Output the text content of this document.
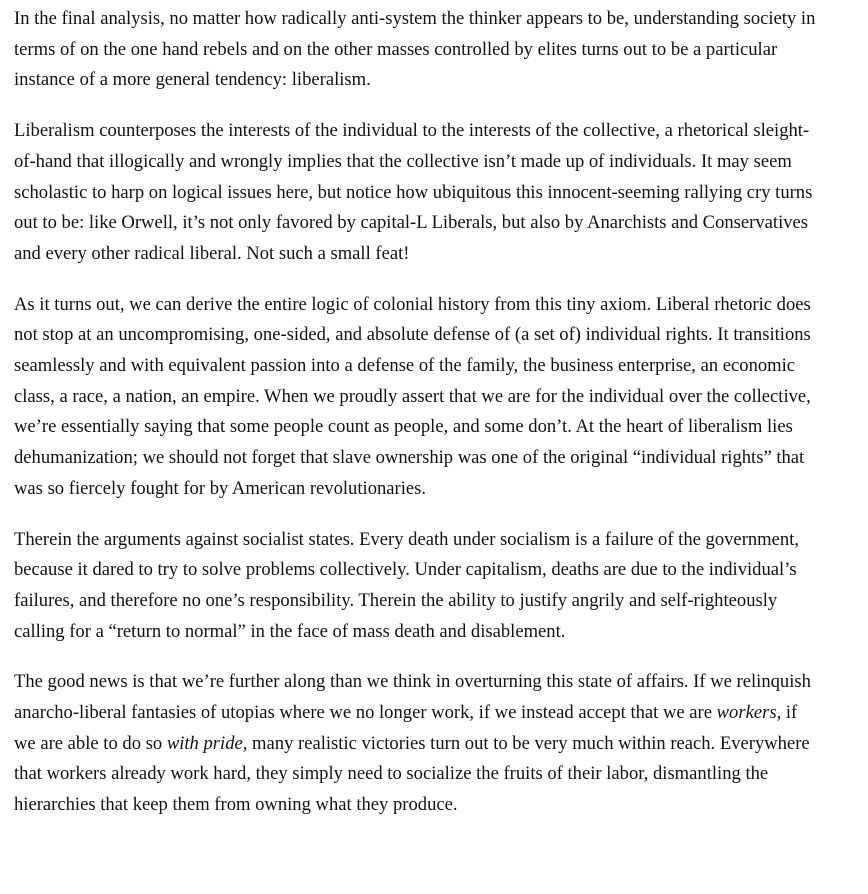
In the final analysis, no matter how radically anti-system the thinker appears to be, understanding society in terms of on the one hand rebels and on the other masses controlled by elites turns out to be a particular instance of a more general tendency: liberalism.

Liberalism counterposes the interests of the individual to the interests of the collective, a rhetorical sleight-of-hand that illogically and wrongly implies that the collective isn’t made up of individuals. It may seem scholastic to harp on logical issues here, but notice how ubiquitous this innocent-seeming rallying cry turns out to be: like Orwell, it’s not only favored by capital-L Liberals, but also by Anarchists and Conservatives and every other radical liberal. Not such a small feat!

As it turns out, we can derive the entire logic of colonial history from this tiny axiom. Liberal rhetoric does not stop at an uncompromising, one-sided, and absolute defense of (a set of) individual rights. It transitions seamlessly and with equivalent passion into a defense of the family, the business enterprise, an economic class, a race, a nation, an empire. When we proudly assert that we are for the individual over the collective, we’re essentially saying that some people count as people, and some don’t. At the heart of liberalism lies dehumanization; we should not forget that slave ownership was one of the original “individual rights” that was so fiercely fought for by American revolutionaries.

Therein the arguments against socialist states. Every death under socialism is a failure of the government, because it dared to try to solve problems collectively. Under capitalism, deaths are due to the individual’s failures, and therefore no one’s responsibility. Therein the ability to justify angrily and self-righteously calling for a “return to normal” in the face of mass death and disablement.

The good news is that we’re further along than we think in overturning this state of affairs. If we relinquish anarcho-liberal fantasies of utopias where we no longer work, if we instead accept that we are workers, if we are able to do so with pride, many realistic victories turn out to be very much within reach. Everywhere that workers already work hard, they simply need to socialize the fruits of their labor, dismantling the hierarchies that keep them from owning what they produce.
